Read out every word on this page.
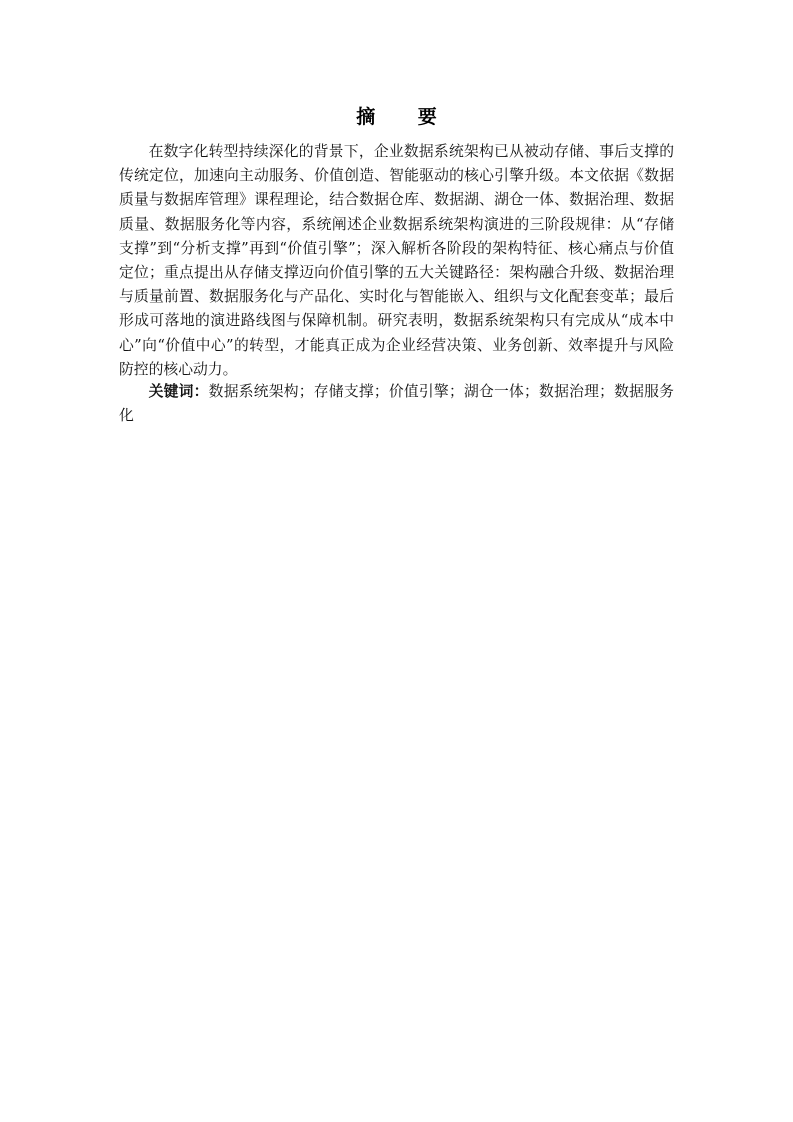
摘 要

在数字化转型持续深化的背景下，企业数据系统架构已从被动存储、事后支撑的传统定位，加速向主动服务、价值创造、智能驱动的核心引擎升级。本文依据《数据质量与数据库管理》课程理论，结合数据仓库、数据湖、湖仓一体、数据治理、数据质量、数据服务化等内容，系统阐述企业数据系统架构演进的三阶段规律：从“存储支撑”到“分析支撑”再到“价值引擎”；深入解析各阶段的架构特征、核心痛点与价值定位；重点提出从存储支撑迈向价值引擎的五大关键路径：架构融合升级、数据治理与质量前置、数据服务化与产品化、实时化与智能嵌入、组织与文化配套变革；最后形成可落地的演进路线图与保障机制。研究表明，数据系统架构只有完成从“成本中心”向“价值中心”的转型，才能真正成为企业经营决策、业务创新、效率提升与风险防控的核心动力。

关键词：数据系统架构；存储支撑；价值引擎；湖仓一体；数据治理；数据服务化
